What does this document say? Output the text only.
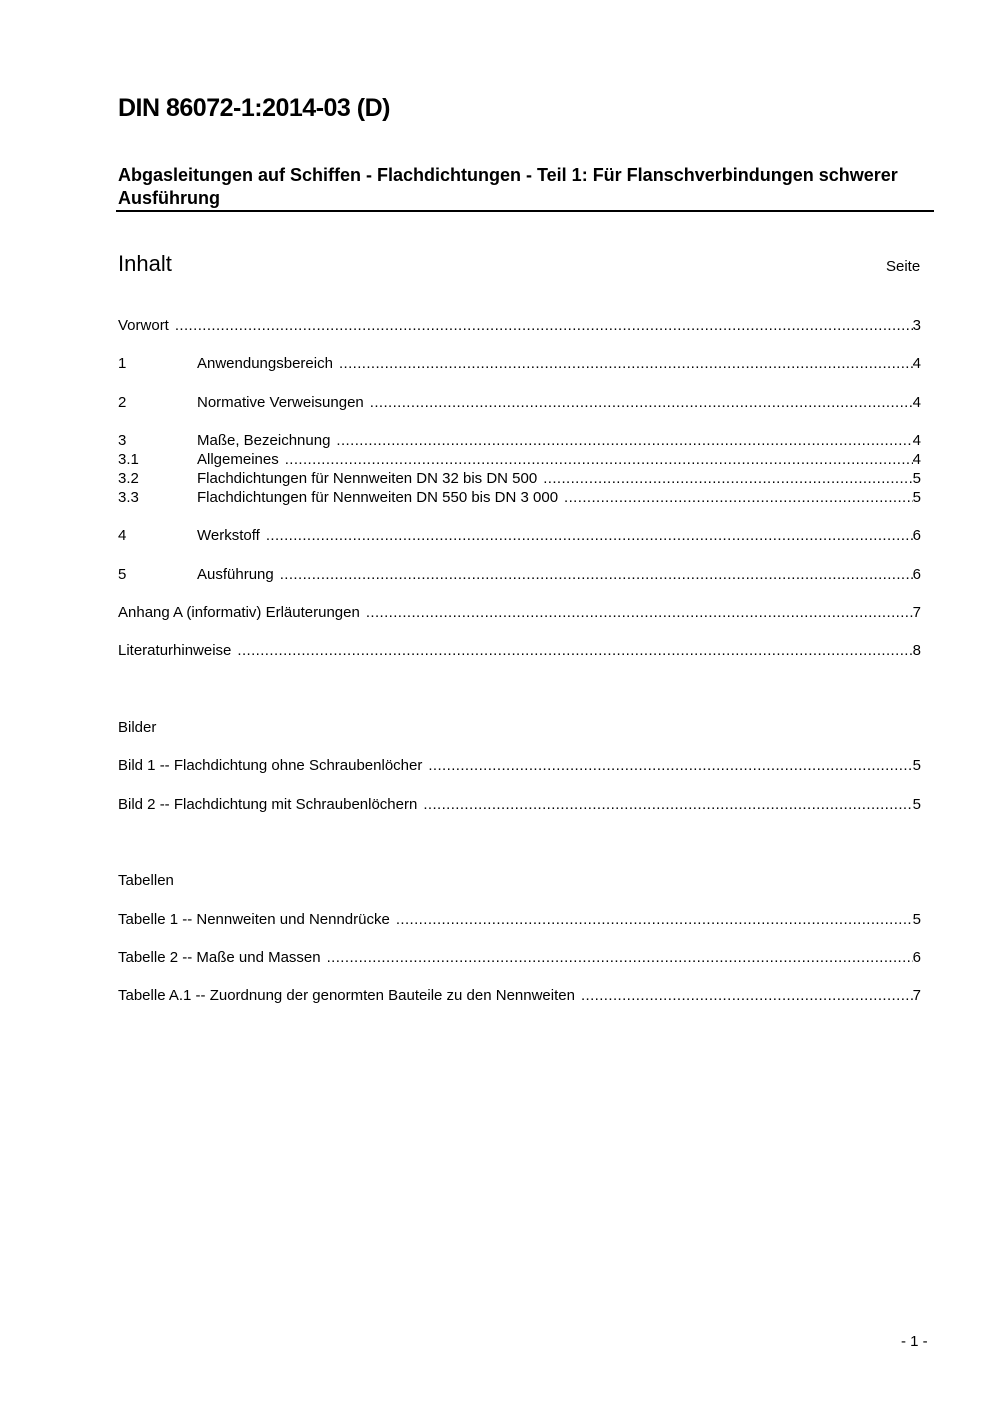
DIN 86072-1:2014-03 (D)
Abgasleitungen auf Schiffen - Flachdichtungen - Teil 1: Für Flanschverbindungen schwerer Ausführung
Inhalt	Seite
Vorwort .....	3
1	Anwendungsbereich .....	4
2	Normative Verweisungen .....	4
3	Maße, Bezeichnung .....	4
3.1	Allgemeines .....	4
3.2	Flachdichtungen für Nennweiten DN 32 bis DN 500 .....	5
3.3	Flachdichtungen für Nennweiten DN 550 bis DN 3 000 .....	5
4	Werkstoff .....	6
5	Ausführung .....	6
Anhang A (informativ) Erläuterungen .....	7
Literaturhinweise .....	8
Bilder
Bild 1 -- Flachdichtung ohne Schraubenlöcher .....	5
Bild 2 -- Flachdichtung mit Schraubenlöchern .....	5
Tabellen
Tabelle 1 -- Nennweiten und Nenndrücke .....	5
Tabelle 2 -- Maße und Massen .....	6
Tabelle A.1 -- Zuordnung der genormten Bauteile zu den Nennweiten .....	7
- 1 -
